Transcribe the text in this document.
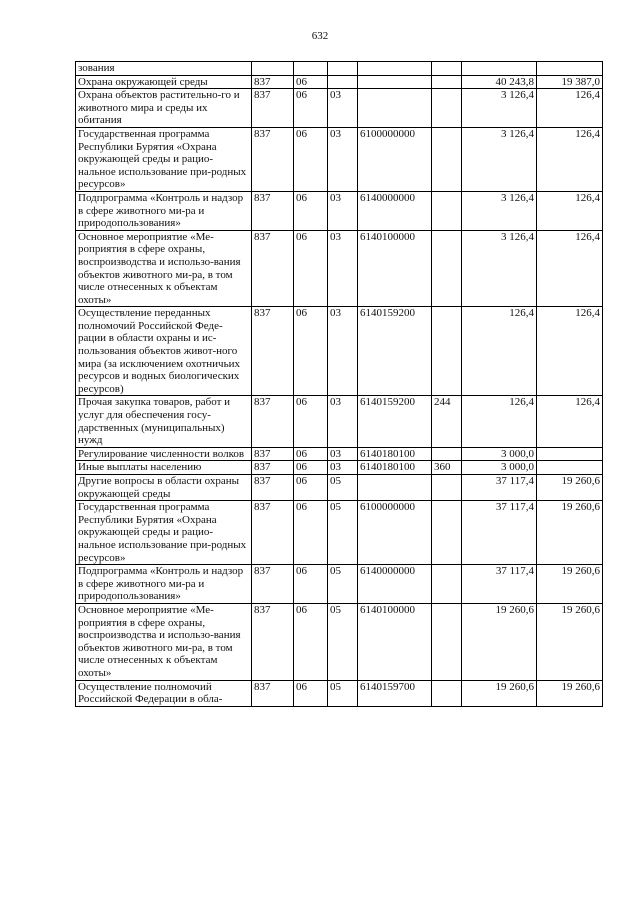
632
зования							
Охрана окружающей среды	837	06				40 243,8	19 387,0
Охрана объектов растительно-го и животного мира и среды их обитания	837	06	03			3 126,4	126,4
Государственная программа Республики Бурятия «Охрана окружающей среды и рацио-нальное использование при-родных ресурсов»	837	06	03	6100000000		3 126,4	126,4
Подпрограмма «Контроль и надзор в сфере животного ми-ра и природопользования»	837	06	03	6140000000		3 126,4	126,4
Основное мероприятие «Ме-роприятия в сфере охраны, воспроизводства и использо-вания объектов животного ми-ра, в том числе отнесенных к объектам охоты»	837	06	03	6140100000		3 126,4	126,4
Осуществление переданных полномочий Российской Феде-рации в области охраны и ис-пользования объектов живот-ного мира (за исключением охотничьих ресурсов и водных биологических ресурсов)	837	06	03	6140159200		126,4	126,4
Прочая закупка товаров, работ и услуг для обеспечения госу-дарственных (муниципальных) нужд	837	06	03	6140159200	244	126,4	126,4
Регулирование численности волков	837	06	03	6140180100		3 000,0	
Иные выплаты населению	837	06	03	6140180100	360	3 000,0	
Другие вопросы в области охраны окружающей среды	837	06	05			37 117,4	19 260,6
Государственная программа Республики Бурятия «Охрана окружающей среды и рацио-нальное использование при-родных ресурсов»	837	06	05	6100000000		37 117,4	19 260,6
Подпрограмма «Контроль и надзор в сфере животного ми-ра и природопользования»	837	06	05	6140000000		37 117,4	19 260,6
Основное мероприятие «Ме-роприятия в сфере охраны, воспроизводства и использо-вания объектов животного ми-ра, в том числе отнесенных к объектам охоты»	837	06	05	6140100000		19 260,6	19 260,6
Осуществление полномочий Российской Федерации в обла-	837	06	05	6140159700		19 260,6	19 260,6
